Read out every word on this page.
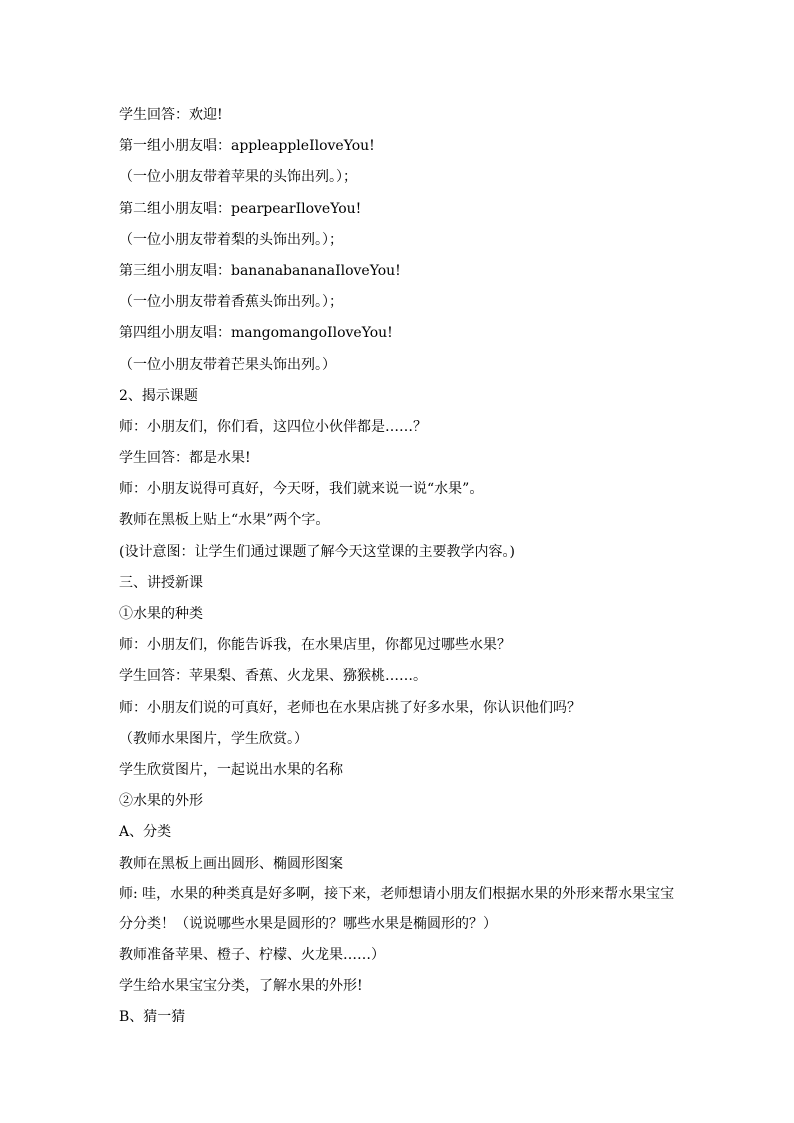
学生回答：欢迎!

第一组小朋友唱：appleappleIloveYou!

（一位小朋友带着苹果的头饰出列。）；

第二组小朋友唱：pearpearIloveYou!

（一位小朋友带着梨的头饰出列。）；

第三组小朋友唱：bananabananaIloveYou!

（一位小朋友带着香蕉头饰出列。）；

第四组小朋友唱：mangomangoIloveYou!

（一位小朋友带着芒果头饰出列。）

2、揭示课题

师：小朋友们，你们看，这四位小伙伴都是……？

学生回答：都是水果!

师：小朋友说得可真好，今天呀，我们就来说一说“水果”。

教师在黑板上贴上“水果”两个字。

(设计意图：让学生们通过课题了解今天这堂课的主要教学内容。)

三、讲授新课

①水果的种类

师：小朋友们，你能告诉我，在水果店里，你都见过哪些水果？

学生回答：苹果梨、香蕉、火龙果、猕猴桃……。

师：小朋友们说的可真好，老师也在水果店挑了好多水果，你认识他们吗？

（教师水果图片，学生欣赏。）

学生欣赏图片，一起说出水果的名称

②水果的外形

A、分类

教师在黑板上画出圆形、椭圆形图案

师: 哇，水果的种类真是好多啊，接下来，老师想请小朋友们根据水果的外形来帮水果宝宝

分分类！（说说哪些水果是圆形的？哪些水果是椭圆形的？）

教师准备苹果、橙子、柠檬、火龙果……）

学生给水果宝宝分类，了解水果的外形!

B、猜一猜
